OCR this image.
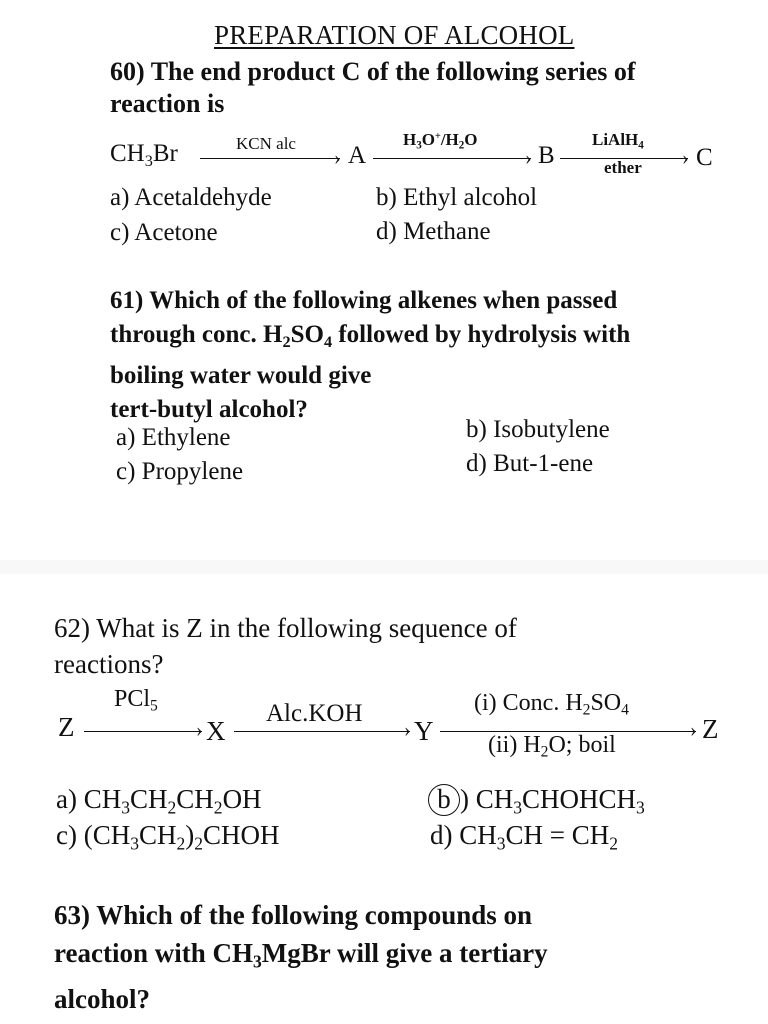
PREPARATION OF ALCOHOL
60) The end product C of the following series of
reaction is
$CH_3Br$	›
KCN alc A	›
$H_3O^+/H_2O$
B	›
LiAlH$_4$
ether C
a) Acetaldehyde	b) Ethyl alcohol
c) Acetone	d) Methane
61) Which of the following alkenes when passed
through conc. $H_2SO_4$ followed by hydrolysis with
boiling water would give
tert-butyl alcohol?
a) Ethylene	b) Isobutylene
c) Propylene	d) But-1-ene
62) What is Z in the following sequence of
reactions?
Z	›
PCl$_5$
X	›
Alc.KOH
Y	›
(i) Conc. $H_2SO_4$
(ii) $H_2O$; boil
Z
a) $CH_3CH_2CH_2OH$	b ) $CH_3CHOHCH_3$
c) $(CH_3CH_2)_2CHOH$	d) $CH_3CH = CH_2$
63) Which of the following compounds on
reaction with $CH_3MgBr$ will give a tertiary
alcohol?
